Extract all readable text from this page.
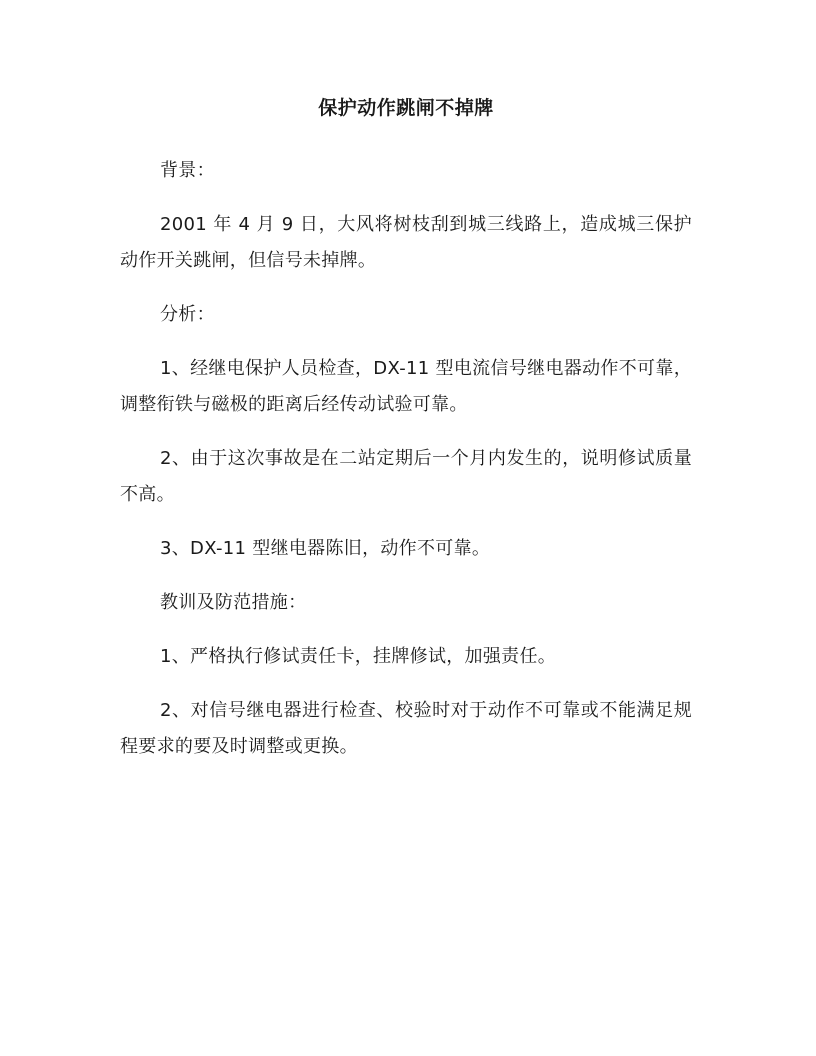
保护动作跳闸不掉牌

背景：

2001 年 4 月 9 日，大风将树枝刮到城三线路上，造成城三保护动作开关跳闸，但信号未掉牌。

分析：

1、经继电保护人员检查，DX-11 型电流信号继电器动作不可靠，调整衔铁与磁极的距离后经传动试验可靠。

2、由于这次事故是在二站定期后一个月内发生的，说明修试质量不高。

3、DX-11 型继电器陈旧，动作不可靠。

教训及防范措施：

1、严格执行修试责任卡，挂牌修试，加强责任。

2、对信号继电器进行检查、校验时对于动作不可靠或不能满足规程要求的要及时调整或更换。
